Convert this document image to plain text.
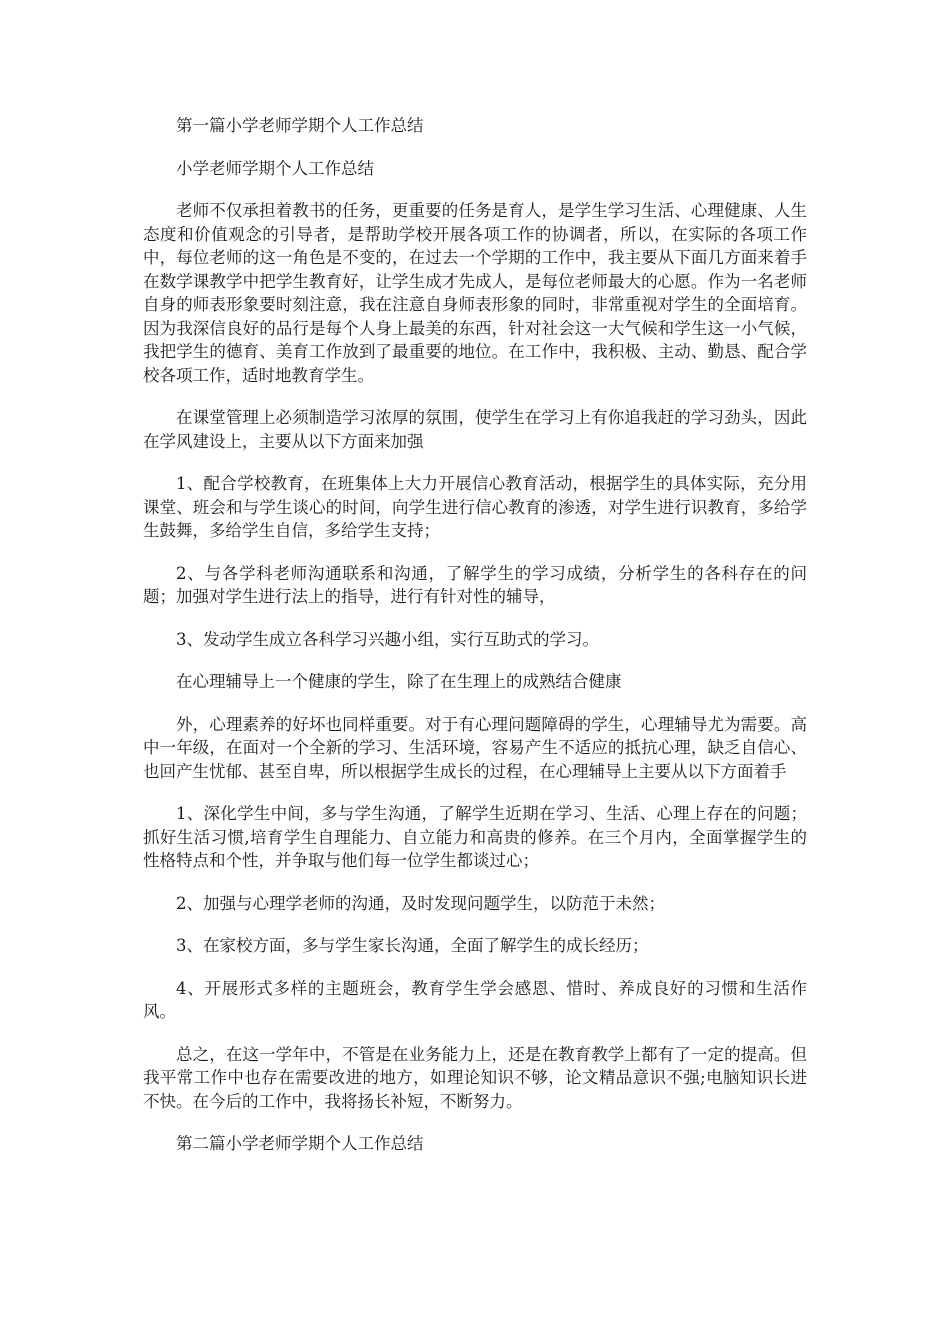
第一篇小学老师学期个人工作总结

小学老师学期个人工作总结

老师不仅承担着教书的任务，更重要的任务是育人，是学生学习生活、心理健康、人生态度和价值观念的引导者，是帮助学校开展各项工作的协调者，所以，在实际的各项工作中，每位老师的这一角色是不变的，在过去一个学期的工作中，我主要从下面几方面来着手在数学课教学中把学生教育好，让学生成才先成人，是每位老师最大的心愿。作为一名老师自身的师表形象要时刻注意，我在注意自身师表形象的同时，非常重视对学生的全面培育。因为我深信良好的品行是每个人身上最美的东西，针对社会这一大气候和学生这一小气候，我把学生的德育、美育工作放到了最重要的地位。在工作中，我积极、主动、勤恳、配合学校各项工作，适时地教育学生。

在课堂管理上必须制造学习浓厚的氛围，使学生在学习上有你追我赶的学习劲头，因此在学风建设上，主要从以下方面来加强

1、配合学校教育，在班集体上大力开展信心教育活动，根据学生的具体实际，充分用课堂、班会和与学生谈心的时间，向学生进行信心教育的渗透，对学生进行识教育，多给学生鼓舞，多给学生自信，多给学生支持；

2、与各学科老师沟通联系和沟通，了解学生的学习成绩，分析学生的各科存在的问题；加强对学生进行法上的指导，进行有针对性的辅导，

3、发动学生成立各科学习兴趣小组，实行互助式的学习。

在心理辅导上一个健康的学生，除了在生理上的成熟结合健康

外，心理素养的好坏也同样重要。对于有心理问题障碍的学生，心理辅导尤为需要。高中一年级，在面对一个全新的学习、生活环境，容易产生不适应的抵抗心理，缺乏自信心、也回产生忧郁、甚至自卑，所以根据学生成长的过程，在心理辅导上主要从以下方面着手

1、深化学生中间，多与学生沟通，了解学生近期在学习、生活、心理上存在的问题；抓好生活习惯,培育学生自理能力、自立能力和高贵的修养。在三个月内，全面掌握学生的性格特点和个性，并争取与他们每一位学生都谈过心；

2、加强与心理学老师的沟通，及时发现问题学生，以防范于未然；

3、在家校方面，多与学生家长沟通，全面了解学生的成长经历；

4、开展形式多样的主题班会，教育学生学会感恩、惜时、养成良好的习惯和生活作风。

总之，在这一学年中，不管是在业务能力上，还是在教育教学上都有了一定的提高。但我平常工作中也存在需要改进的地方，如理论知识不够，论文精品意识不强;电脑知识长进不快。在今后的工作中，我将扬长补短，不断努力。

第二篇小学老师学期个人工作总结
